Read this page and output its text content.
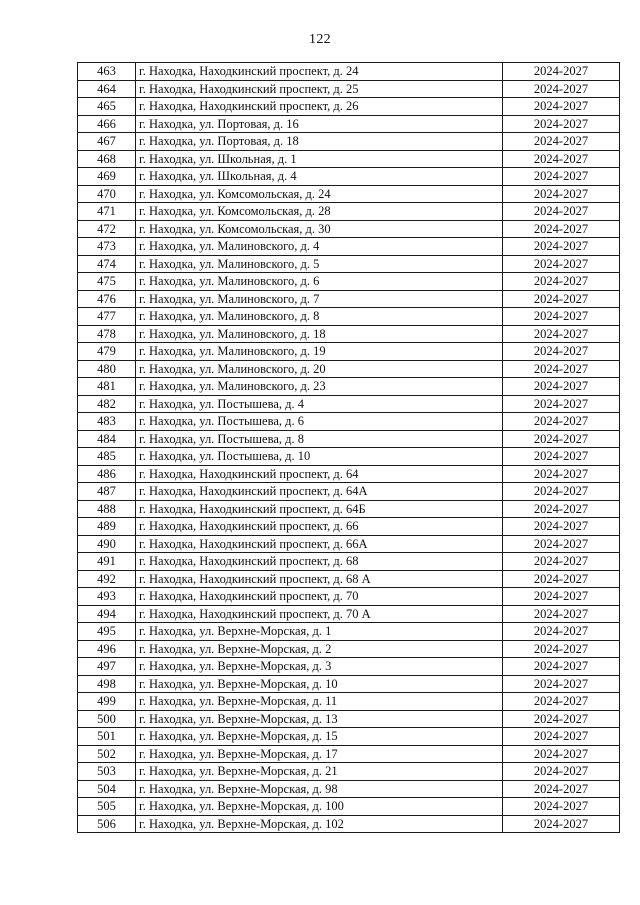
122
463	г. Находка, Находкинский проспект, д. 24	2024-2027
464	г. Находка, Находкинский проспект, д. 25	2024-2027
465	г. Находка, Находкинский проспект, д. 26	2024-2027
466	г. Находка, ул. Портовая, д. 16	2024-2027
467	г. Находка, ул. Портовая, д. 18	2024-2027
468	г. Находка, ул. Школьная, д. 1	2024-2027
469	г. Находка, ул. Школьная, д. 4	2024-2027
470	г. Находка, ул. Комсомольская, д. 24	2024-2027
471	г. Находка, ул. Комсомольская, д. 28	2024-2027
472	г. Находка, ул. Комсомольская, д. 30	2024-2027
473	г. Находка, ул. Малиновского, д. 4	2024-2027
474	г. Находка, ул. Малиновского, д. 5	2024-2027
475	г. Находка, ул. Малиновского, д. 6	2024-2027
476	г. Находка, ул. Малиновского, д. 7	2024-2027
477	г. Находка, ул. Малиновского, д. 8	2024-2027
478	г. Находка, ул. Малиновского, д. 18	2024-2027
479	г. Находка, ул. Малиновского, д. 19	2024-2027
480	г. Находка, ул. Малиновского, д. 20	2024-2027
481	г. Находка, ул. Малиновского, д. 23	2024-2027
482	г. Находка, ул. Постышева, д. 4	2024-2027
483	г. Находка, ул. Постышева, д. 6	2024-2027
484	г. Находка, ул. Постышева, д. 8	2024-2027
485	г. Находка, ул. Постышева, д. 10	2024-2027
486	г. Находка, Находкинский проспект, д. 64	2024-2027
487	г. Находка, Находкинский проспект, д. 64А	2024-2027
488	г. Находка, Находкинский проспект, д. 64Б	2024-2027
489	г. Находка, Находкинский проспект, д. 66	2024-2027
490	г. Находка, Находкинский проспект, д. 66А	2024-2027
491	г. Находка, Находкинский проспект, д. 68	2024-2027
492	г. Находка, Находкинский проспект, д. 68 А	2024-2027
493	г. Находка, Находкинский проспект, д. 70	2024-2027
494	г. Находка, Находкинский проспект, д. 70 А	2024-2027
495	г. Находка, ул. Верхне-Морская, д. 1	2024-2027
496	г. Находка, ул. Верхне-Морская, д. 2	2024-2027
497	г. Находка, ул. Верхне-Морская, д. 3	2024-2027
498	г. Находка, ул. Верхне-Морская, д. 10	2024-2027
499	г. Находка, ул. Верхне-Морская, д. 11	2024-2027
500	г. Находка, ул. Верхне-Морская, д. 13	2024-2027
501	г. Находка, ул. Верхне-Морская, д. 15	2024-2027
502	г. Находка, ул. Верхне-Морская, д. 17	2024-2027
503	г. Находка, ул. Верхне-Морская, д. 21	2024-2027
504	г. Находка, ул. Верхне-Морская, д. 98	2024-2027
505	г. Находка, ул. Верхне-Морская, д. 100	2024-2027
506	г. Находка, ул. Верхне-Морская, д. 102	2024-2027
